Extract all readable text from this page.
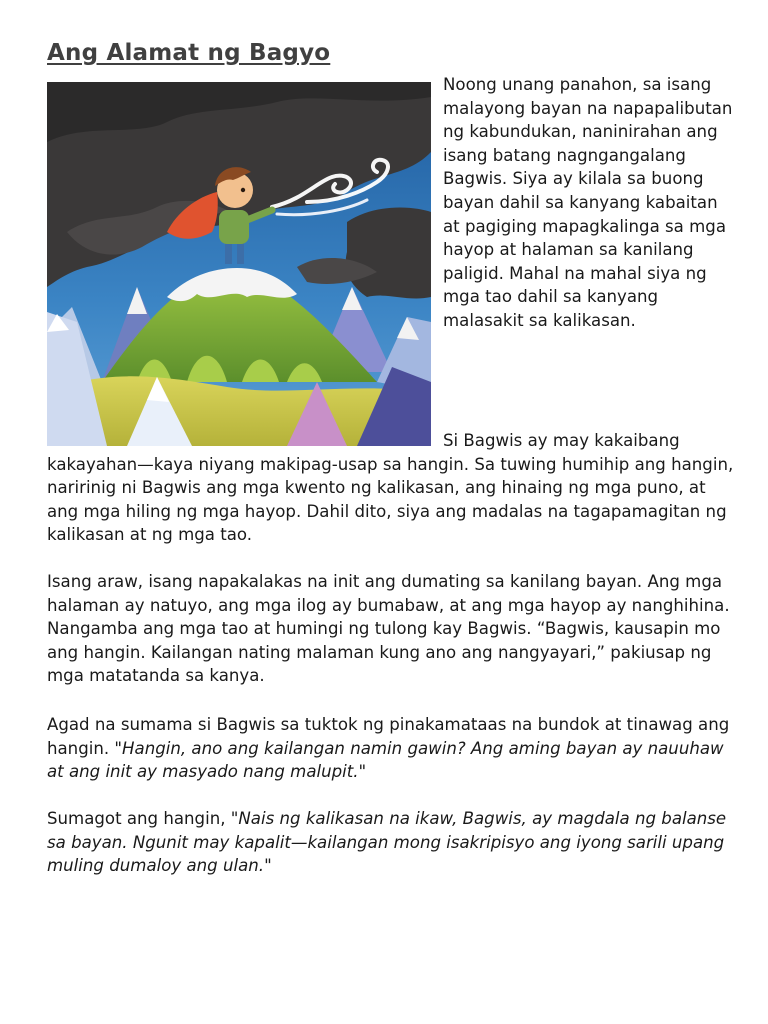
Ang Alamat ng Bagyo

Noong unang panahon, sa isang malayong bayan na napapalibutan ng kabundukan, naninirahan ang isang batang nagngangalang Bagwis. Siya ay kilala sa buong bayan dahil sa kanyang kabaitan at pagiging mapagkalinga sa mga hayop at halaman sa kanilang paligid. Mahal na mahal siya ng mga tao dahil sa kanyang malasakit sa kalikasan.

Si Bagwis ay may kakaibang kakayahan—kaya niyang makipag-usap sa hangin. Sa tuwing humihip ang hangin, naririnig ni Bagwis ang mga kwento ng kalikasan, ang hinaing ng mga puno, at ang mga hiling ng mga hayop. Dahil dito, siya ang madalas na tagapamagitan ng kalikasan at ng mga tao.

Isang araw, isang napakalakas na init ang dumating sa kanilang bayan. Ang mga halaman ay natuyo, ang mga ilog ay bumabaw, at ang mga hayop ay nanghihina. Nangamba ang mga tao at humingi ng tulong kay Bagwis. “Bagwis, kausapin mo ang hangin. Kailangan nating malaman kung ano ang nangyayari,” pakiusap ng mga matatanda sa kanya.

Agad na sumama si Bagwis sa tuktok ng pinakamataas na bundok at tinawag ang hangin. "Hangin, ano ang kailangan namin gawin? Ang aming bayan ay nauuhaw at ang init ay masyado nang malupit."

Sumagot ang hangin, "Nais ng kalikasan na ikaw, Bagwis, ay magdala ng balanse sa bayan. Ngunit may kapalit—kailangan mong isakripisyo ang iyong sarili upang muling dumaloy ang ulan."
